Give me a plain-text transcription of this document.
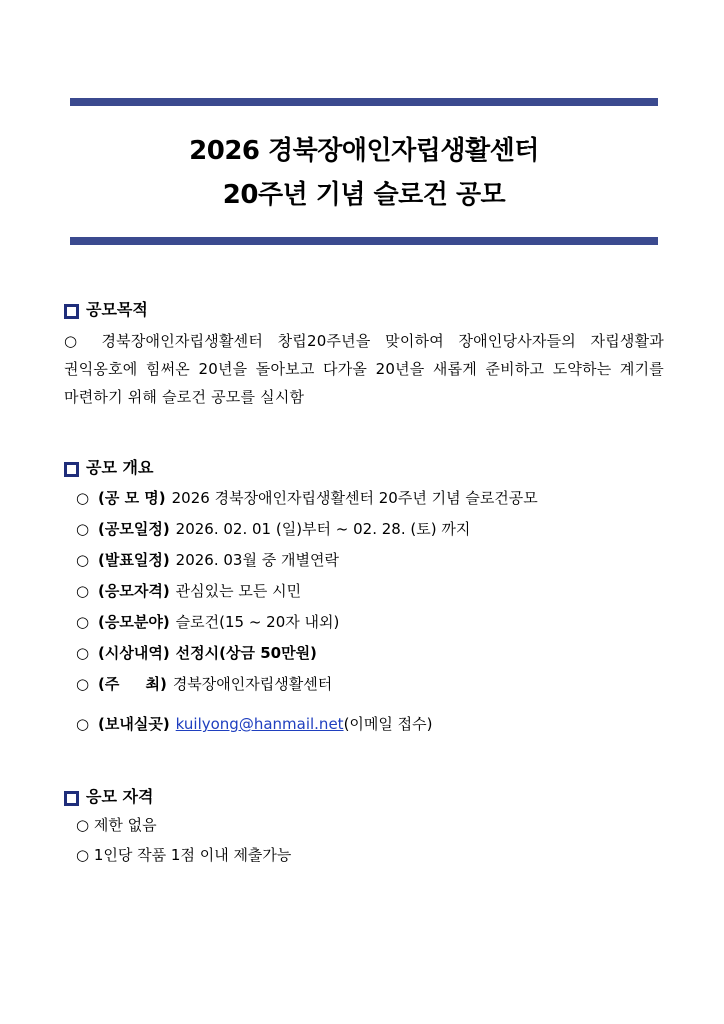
2026 경북장애인자립생활센터
20주년 기념 슬로건 공모
공모목적
○ 경북장애인자립생활센터 창립20주년을 맞이하여 장애인당사자들의 자립생활과 권익옹호에 힘써온 20년을 돌아보고 다가올 20년을 새롭게 준비하고 도약하는 계기를 마련하기 위해 슬로건 공모를 실시함
공모 개요
○ (공 모 명) 2026 경북장애인자립생활센터 20주년 기념 슬로건공모
○ (공모일정) 2026. 02. 01 (일)부터 ~ 02. 28. (토) 까지
○ (발표일정) 2026. 03월 중 개별연락
○ (응모자격) 관심있는 모든 시민
○ (응모분야) 슬로건(15 ~ 20자 내외)
○ (시상내역) 선정시(상금 50만원)
○ (주     최) 경북장애인자립생활센터
○ (보내실곳) kuilyong@hanmail.net (이메일 접수)
응모 자격
○ 제한 없음
○ 1인당 작품 1점 이내 제출가능
